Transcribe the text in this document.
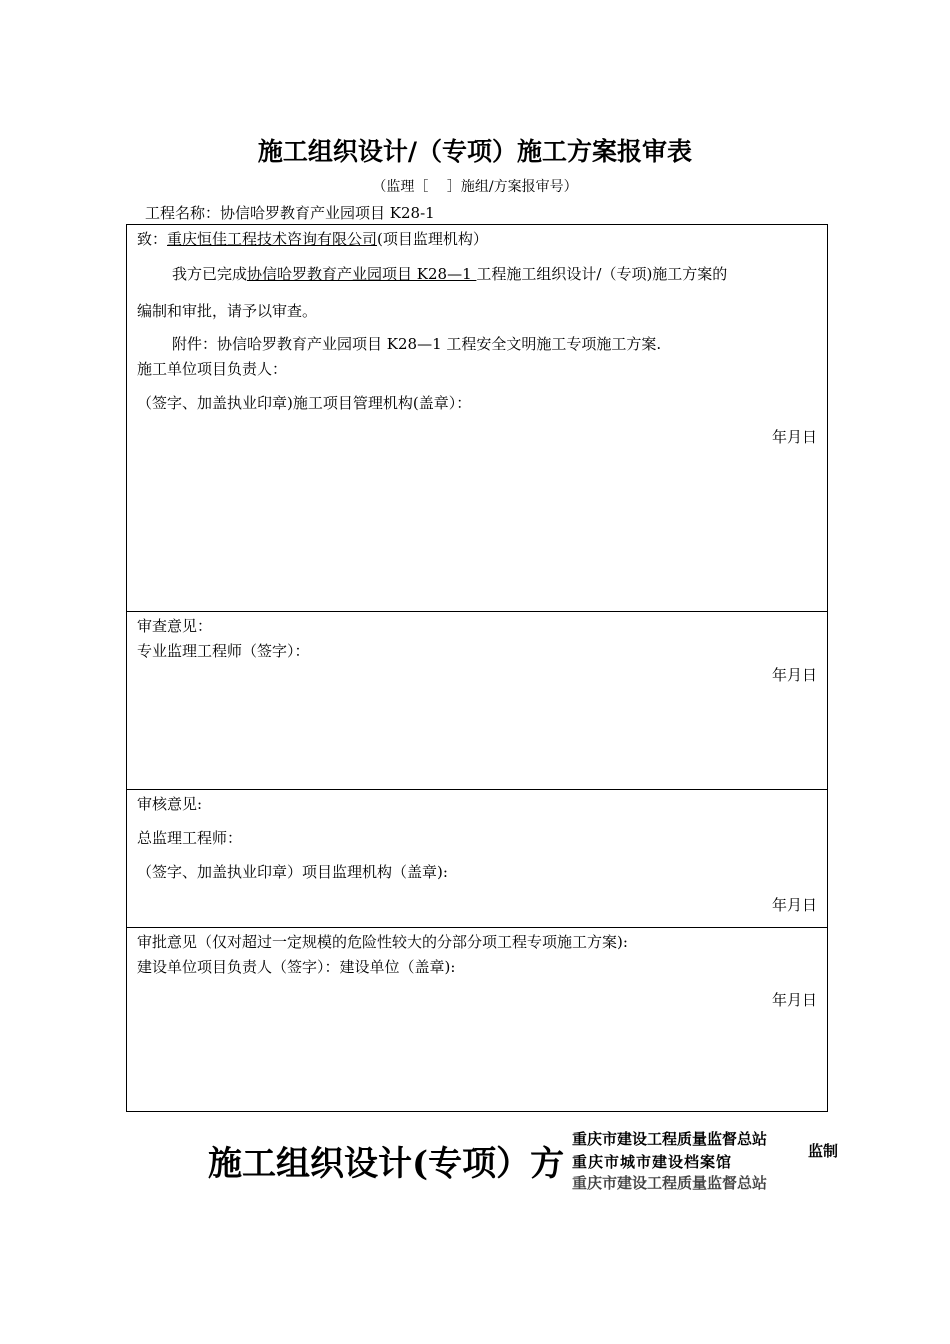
施工组织设计/（专项）施工方案报审表
（监理［　 ］施组/方案报审号）
工程名称：协信哈罗教育产业园项目 K28-1
致：重庆恒佳工程技术咨询有限公司(项目监理机构）
我方已完成协信哈罗教育产业园项目 K28—1 工程施工组织设计/（专项)施工方案的
编制和审批，请予以审查。
附件：协信哈罗教育产业园项目 K28—1 工程安全文明施工专项施工方案.
施工单位项目负责人：
（签字、加盖执业印章)施工项目管理机构(盖章）：
年月日
审查意见：
专业监理工程师（签字）：
年月日
审核意见:
总监理工程师：
（签字、加盖执业印章）项目监理机构（盖章):
年月日
审批意见（仅对超过一定规模的危险性较大的分部分项工程专项施工方案):
建设单位项目负责人（签字）：建设单位（盖章):
年月日
施工组织设计(专项）方
重庆市建设工程质量监督总站
重庆市城市建设档案馆
重庆市建设工程质量监督总站
监制
